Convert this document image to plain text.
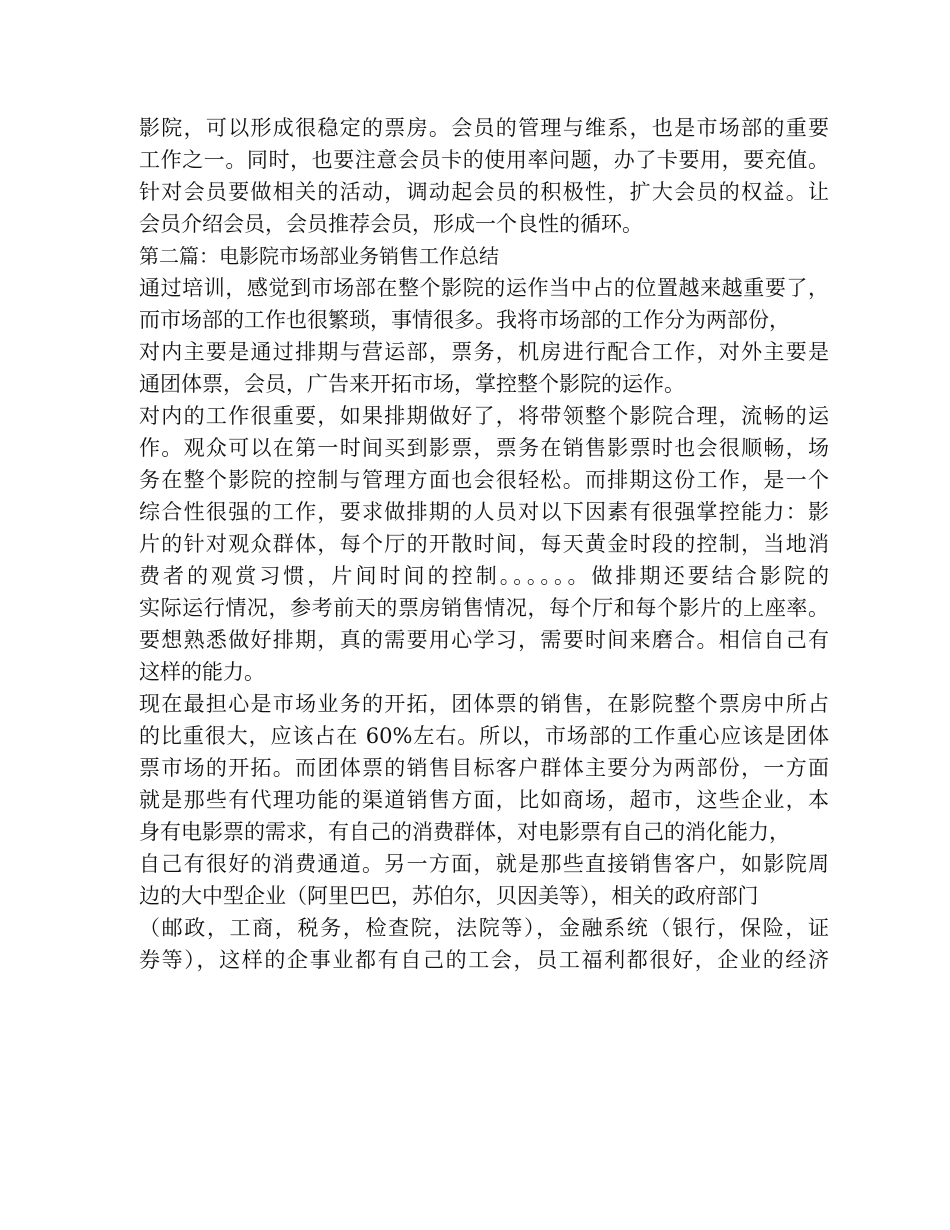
影院，可以形成很稳定的票房。会员的管理与维系，也是市场部的重要
工作之一。同时，也要注意会员卡的使用率问题，办了卡要用，要充值。
针对会员要做相关的活动，调动起会员的积极性，扩大会员的权益。让
会员介绍会员，会员推荐会员，形成一个良性的循环。
第二篇：电影院市场部业务销售工作总结
通过培训，感觉到市场部在整个影院的运作当中占的位置越来越重要了，
而市场部的工作也很繁琐，事情很多。我将市场部的工作分为两部份，
对内主要是通过排期与营运部，票务，机房进行配合工作，对外主要是
通团体票，会员，广告来开拓市场，掌控整个影院的运作。
对内的工作很重要，如果排期做好了，将带领整个影院合理，流畅的运
作。观众可以在第一时间买到影票，票务在销售影票时也会很顺畅，场
务在整个影院的控制与管理方面也会很轻松。而排期这份工作，是一个
综合性很强的工作，要求做排期的人员对以下因素有很强掌控能力：影
片的针对观众群体，每个厅的开散时间，每天黄金时段的控制，当地消
费者的观赏习惯，片间时间的控制。。。。。。做排期还要结合影院的
实际运行情况，参考前天的票房销售情况，每个厅和每个影片的上座率。
要想熟悉做好排期，真的需要用心学习，需要时间来磨合。相信自己有
这样的能力。
现在最担心是市场业务的开拓，团体票的销售，在影院整个票房中所占
的比重很大，应该占在 60%左右。所以，市场部的工作重心应该是团体
票市场的开拓。而团体票的销售目标客户群体主要分为两部份，一方面
就是那些有代理功能的渠道销售方面，比如商场，超市，这些企业，本
身有电影票的需求，有自己的消费群体，对电影票有自己的消化能力，
自己有很好的消费通道。另一方面，就是那些直接销售客户，如影院周
边的大中型企业（阿里巴巴，苏伯尔，贝因美等），相关的政府部门
（邮政，工商，税务，检查院，法院等），金融系统（银行，保险，证
券等），这样的企事业都有自己的工会，员工福利都很好，企业的经济
